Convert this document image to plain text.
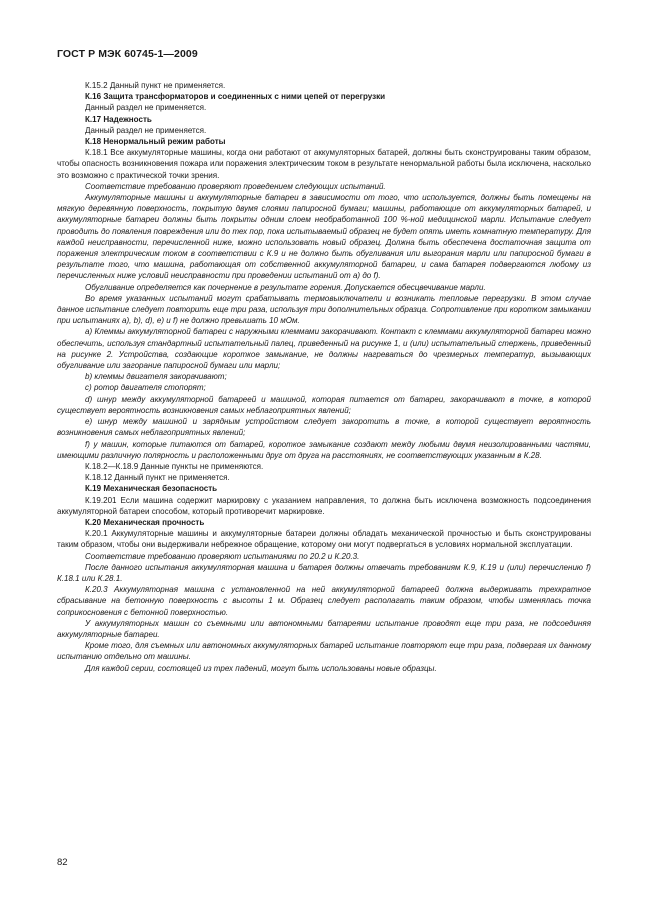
ГОСТ Р МЭК 60745-1—2009

К.15.2 Данный пункт не применяется.

К.16 Защита трансформаторов и соединенных с ними цепей от перегрузки

Данный раздел не применяется.

К.17 Надежность

Данный раздел не применяется.

К.18 Ненормальный режим работы

К.18.1 Все аккумуляторные машины, когда они работают от аккумуляторных батарей, должны быть сконструированы таким образом, чтобы опасность возникновения пожара или поражения электрическим током в результате ненормальной работы была исключена, насколько это возможно с практической точки зрения.

Соответствие требованию проверяют проведением следующих испытаний.

Аккумуляторные машины и аккумуляторные батареи в зависимости от того, что используется, должны быть помещены на мягкую деревянную поверхность, покрытую двумя слоями папиросной бумаги; машины, работающие от аккумуляторных батарей, и аккумуляторные батареи должны быть покрыты одним слоем необработанной 100 %-ной медицинской марли. Испытание следует проводить до появления повреждения или до тех пор, пока испытываемый образец не будет опять иметь комнатную температуру. Для каждой неисправности, перечисленной ниже, можно использовать новый образец. Должна быть обеспечена достаточная защита от поражения электрическим током в соответствии с К.9 и не должно быть обугливания или выгорания марли или папиросной бумаги в результате того, что машина, работающая от собственной аккумуляторной батареи, и сама батарея подвергаются любому из перечисленных ниже условий неисправности при проведении испытаний от а) до f).

Обугливание определяется как почернение в результате горения. Допускается обесцвечивание марли.

Во время указанных испытаний могут срабатывать термовыключатели и возникать тепловые перегрузки. В этом случае данное испытание следует повторить еще три раза, используя три дополнительных образца. Сопротивление при коротком замыкании при испытаниях а), b), d), е) и f) не должно превышать 10 мОм.

а) Клеммы аккумуляторной батареи с наружными клеммами закорачивают. Контакт с клеммами аккумуляторной батареи можно обеспечить, используя стандартный испытательный палец, приведенный на рисунке 1, и (или) испытательный стержень, приведенный на рисунке 2. Устройства, создающие короткое замыкание, не должны нагреваться до чрезмерных температур, вызывающих обугливание или загорание папиросной бумаги или марли;

b) клеммы двигателя закорачивают;

с) ротор двигателя стопорят;

d) шнур между аккумуляторной батареей и машиной, которая питается от батареи, закорачивают в точке, в которой существует вероятность возникновения самых неблагоприятных явлений;

е) шнур между машиной и зарядным устройством следует закоротить в точке, в которой существует вероятность возникновения самых неблагоприятных явлений;

f) у машин, которые питаются от батарей, короткое замыкание создают между любыми двумя неизолированными частями, имеющими различную полярность и расположенными друг от друга на расстояниях, не соответствующих указанным в К.28.

К.18.2—К.18.9 Данные пункты не применяются.

К.18.12 Данный пункт не применяется.

К.19 Механическая безопасность

К.19.201 Если машина содержит маркировку с указанием направления, то должна быть исключена возможность подсоединения аккумуляторной батареи способом, который противоречит маркировке.

К.20 Механическая прочность

К.20.1 Аккумуляторные машины и аккумуляторные батареи должны обладать механической прочностью и быть сконструированы таким образом, чтобы они выдерживали небрежное обращение, которому они могут подвергаться в условиях нормальной эксплуатации.

Соответствие требованию проверяют испытаниями по 20.2 и К.20.3.

После данного испытания аккумуляторная машина и батарея должны отвечать требованиям К.9, К.19 и (или) перечислению f) К.18.1 или К.28.1.

К.20.3 Аккумуляторная машина с установленной на ней аккумуляторной батареей должна выдерживать трехкратное сбрасывание на бетонную поверхность с высоты 1 м. Образец следует располагать таким образом, чтобы изменялась точка соприкосновения с бетонной поверхностью.

У аккумуляторных машин со съемными или автономными батареями испытание проводят еще три раза, не подсоединяя аккумуляторные батареи.

Кроме того, для съемных или автономных аккумуляторных батарей испытание повторяют еще три раза, подвергая их данному испытанию отдельно от машины.

Для каждой серии, состоящей из трех падений, могут быть использованы новые образцы.

82
